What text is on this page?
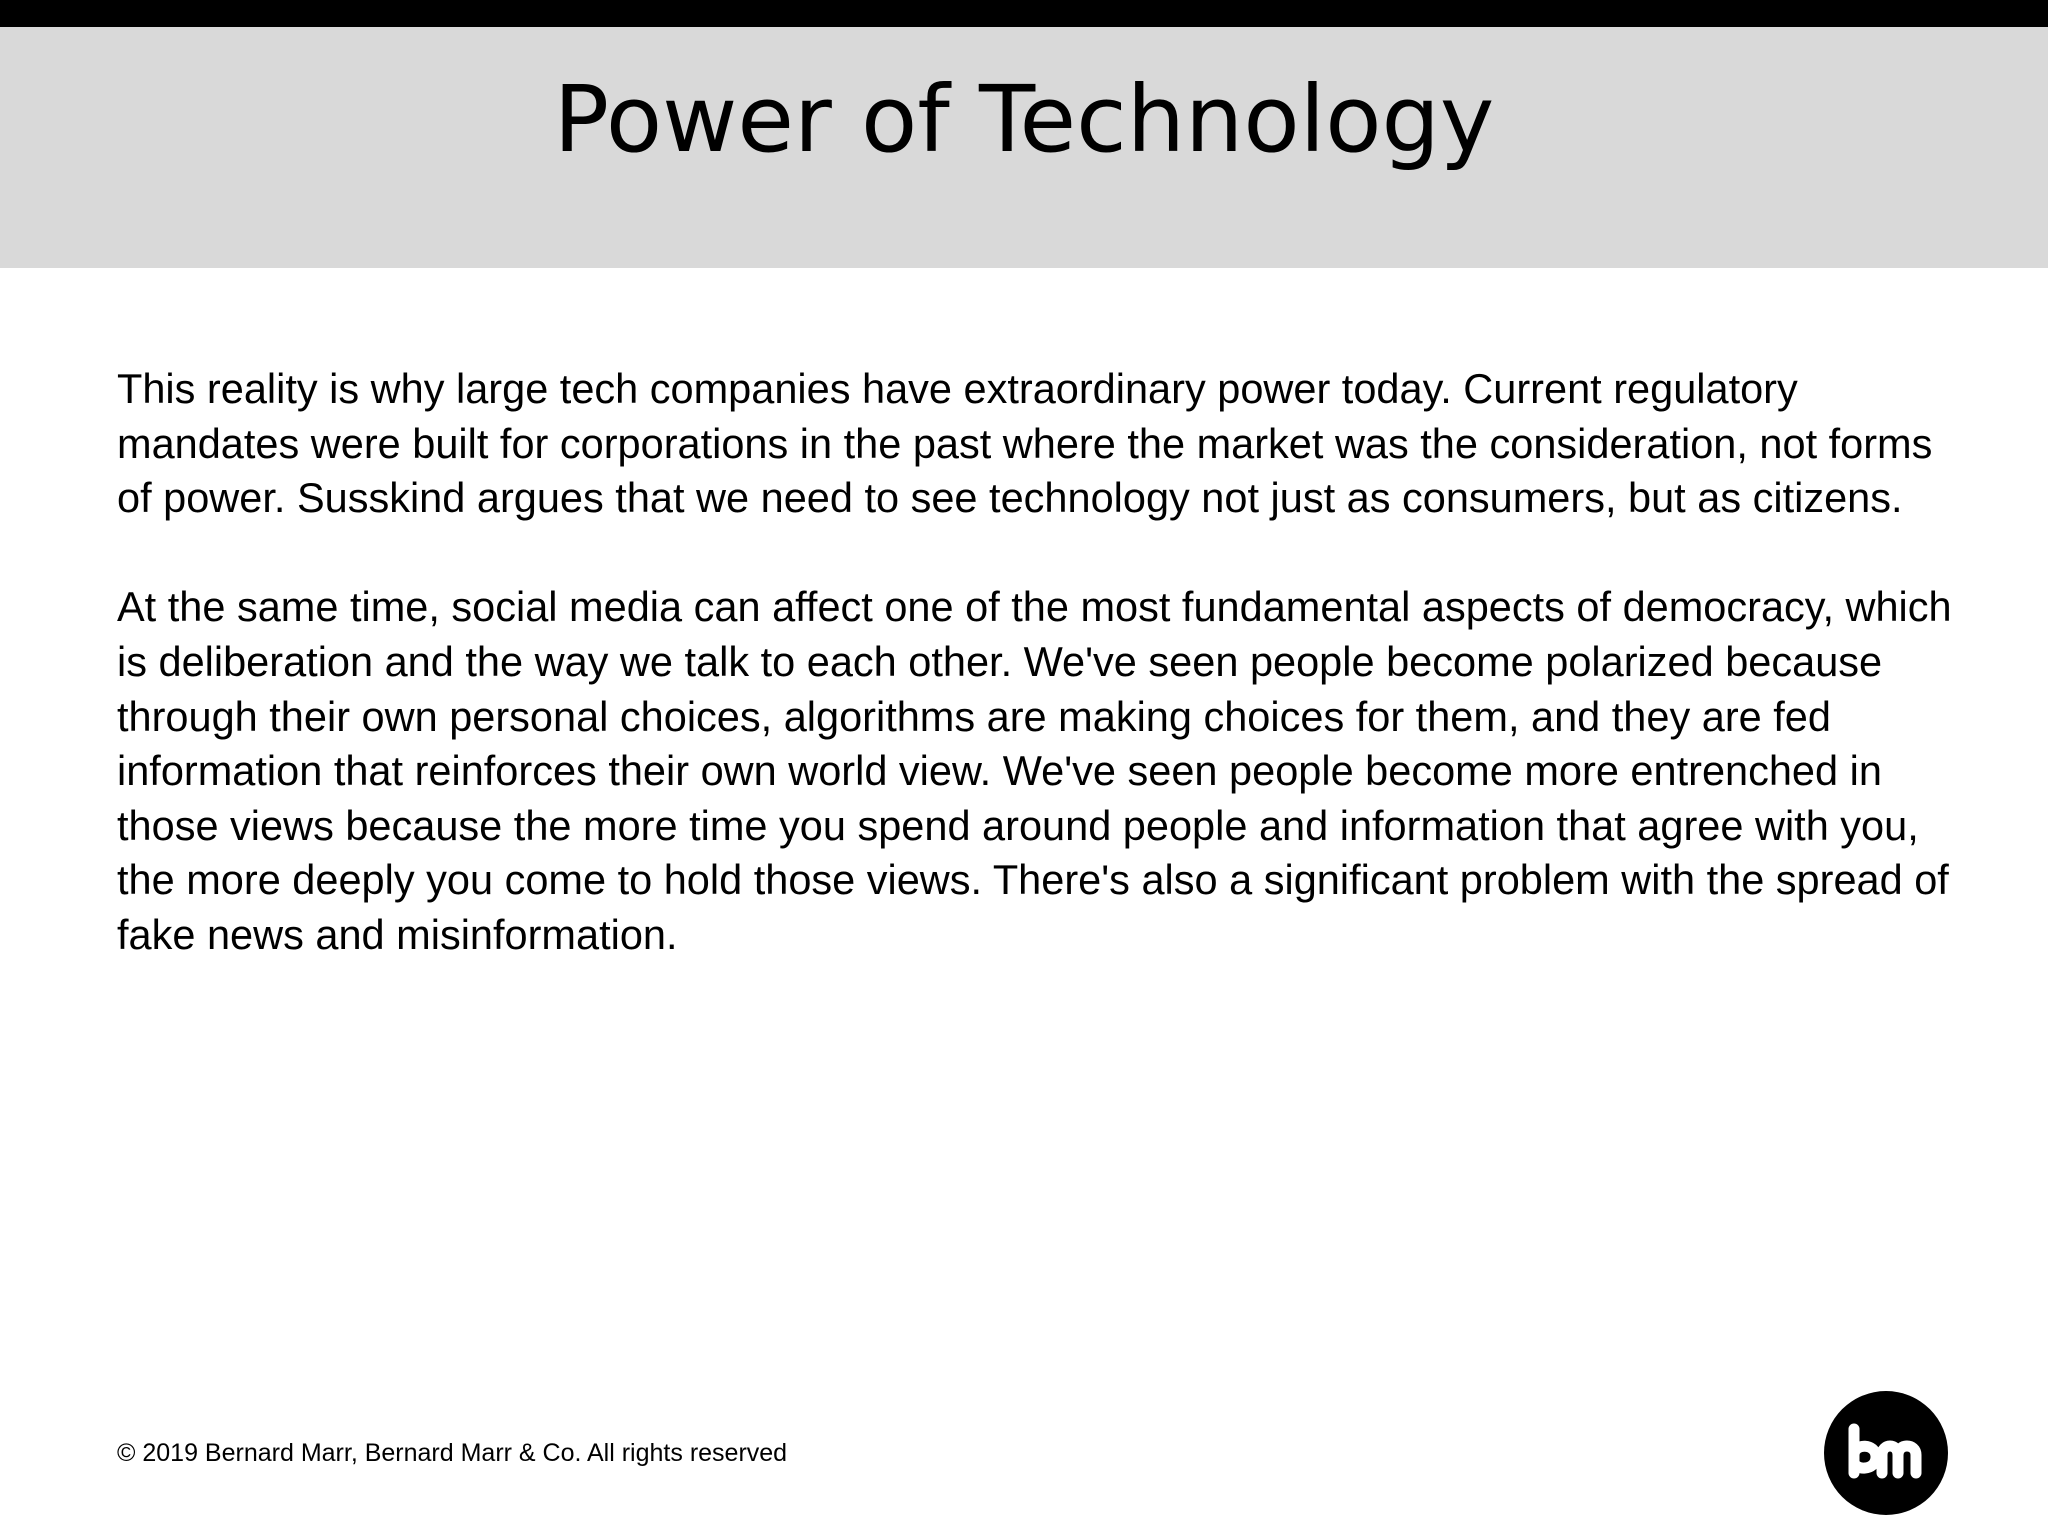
Power of Technology

This reality is why large tech companies have extraordinary power today. Current regulatory mandates were built for corporations in the past where the market was the consideration, not forms of power. Susskind argues that we need to see technology not just as consumers, but as citizens.

At the same time, social media can affect one of the most fundamental aspects of democracy, which is deliberation and the way we talk to each other. We've seen people become polarized because through their own personal choices, algorithms are making choices for them, and they are fed information that reinforces their own world view. We've seen people become more entrenched in those views because the more time you spend around people and information that agree with you, the more deeply you come to hold those views. There's also a significant problem with the spread of fake news and misinformation.

© 2019 Bernard Marr, Bernard Marr & Co. All rights reserved
